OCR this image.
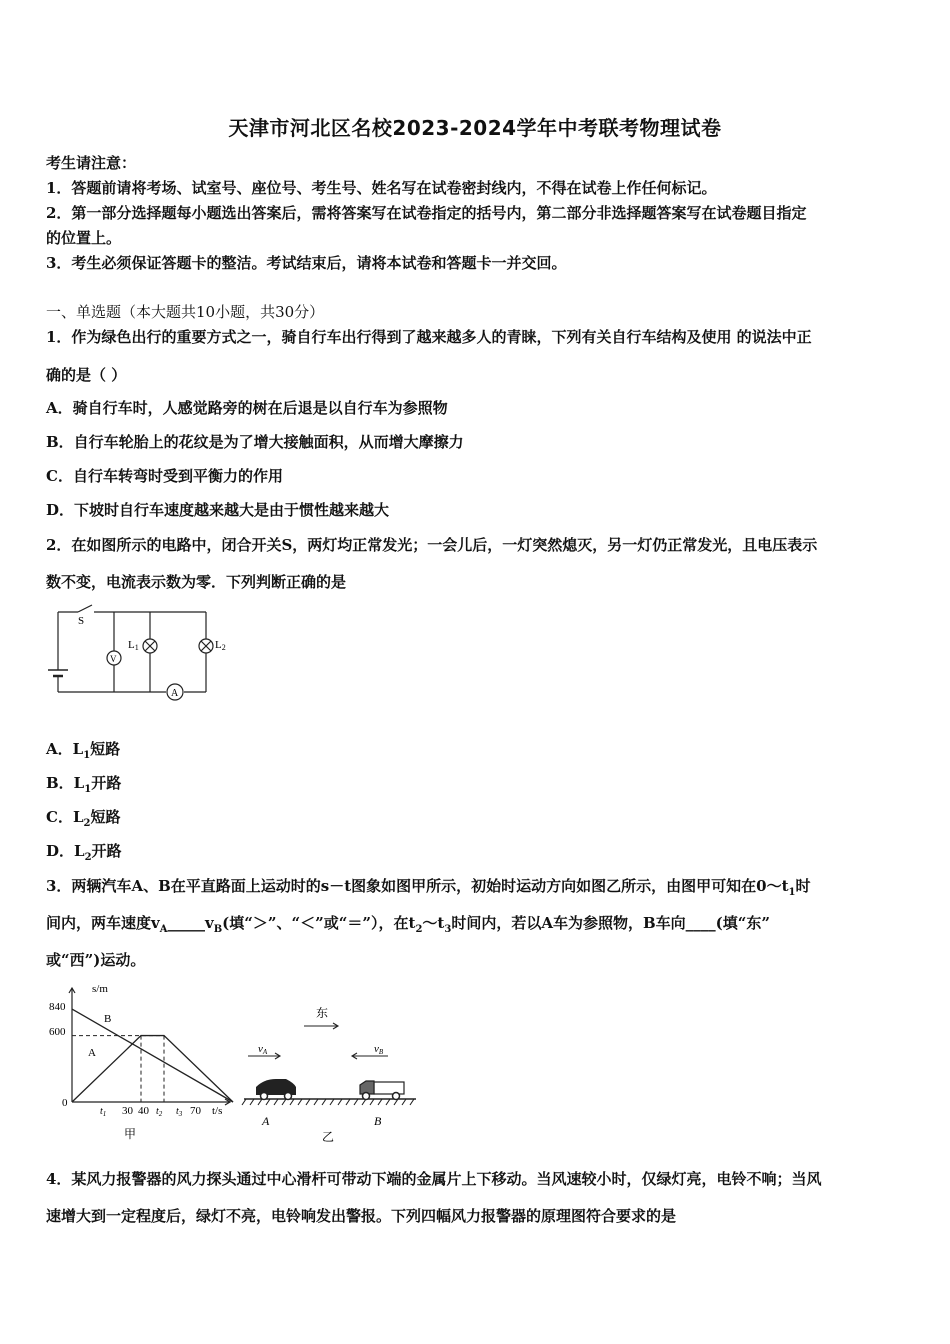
天津市河北区名校2023-2024学年中考联考物理试卷
考生请注意：
1．答题前请将考场、试室号、座位号、考生号、姓名写在试卷密封线内，不得在试卷上作任何标记。
2．第一部分选择题每小题选出答案后，需将答案写在试卷指定的括号内，第二部分非选择题答案写在试卷题目指定
的位置上。
3．考生必须保证答题卡的整洁。考试结束后，请将本试卷和答题卡一并交回。
一、单选题（本大题共10小题，共30分）
1．作为绿色出行的重要方式之一，骑自行车出行得到了越来越多人的青睐，下列有关自行车结构及使用 的说法中正
确的是（ ）
A．骑自行车时，人感觉路旁的树在后退是以自行车为参照物
B．自行车轮胎上的花纹是为了增大接触面积，从而增大摩擦力
C．自行车转弯时受到平衡力的作用
D．下坡时自行车速度越来越大是由于惯性越来越大
2．在如图所示的电路中，闭合开关S，两灯均正常发光；一会儿后，一灯突然熄灭，另一灯仍正常发光，且电压表示
数不变，电流表示数为零．下列判断正确的是
S
V
L1	L2
A
A．$L_1$短路
B．$L_1$开路
C．$L_2$短路
D．$L_2$开路
3．两辆汽车A、B在平直路面上运动时的s－t图象如图甲所示，初始时运动方向如图乙所示，由图甲可知在$0\sim t_1$时
间内，两车速度$v_A\_\_\_\_\_v_B$(填“＞”、“＜”或“＝”），在$t_2\sim t_3$时间内，若以A车为参照物，B车向____(填“东”
或“西”)运动。
s/m
t/s
840
600
0
$t_1$ 30 40 $t_2$ $t_3$ 70
B
A
甲
东
vA	vB
A	B
乙
4．某风力报警器的风力探头通过中心滑杆可带动下端的金属片上下移动。当风速较小时，仅绿灯亮，电铃不响；当风
速增大到一定程度后，绿灯不亮，电铃响发出警报。下列四幅风力报警器的原理图符合要求的是
